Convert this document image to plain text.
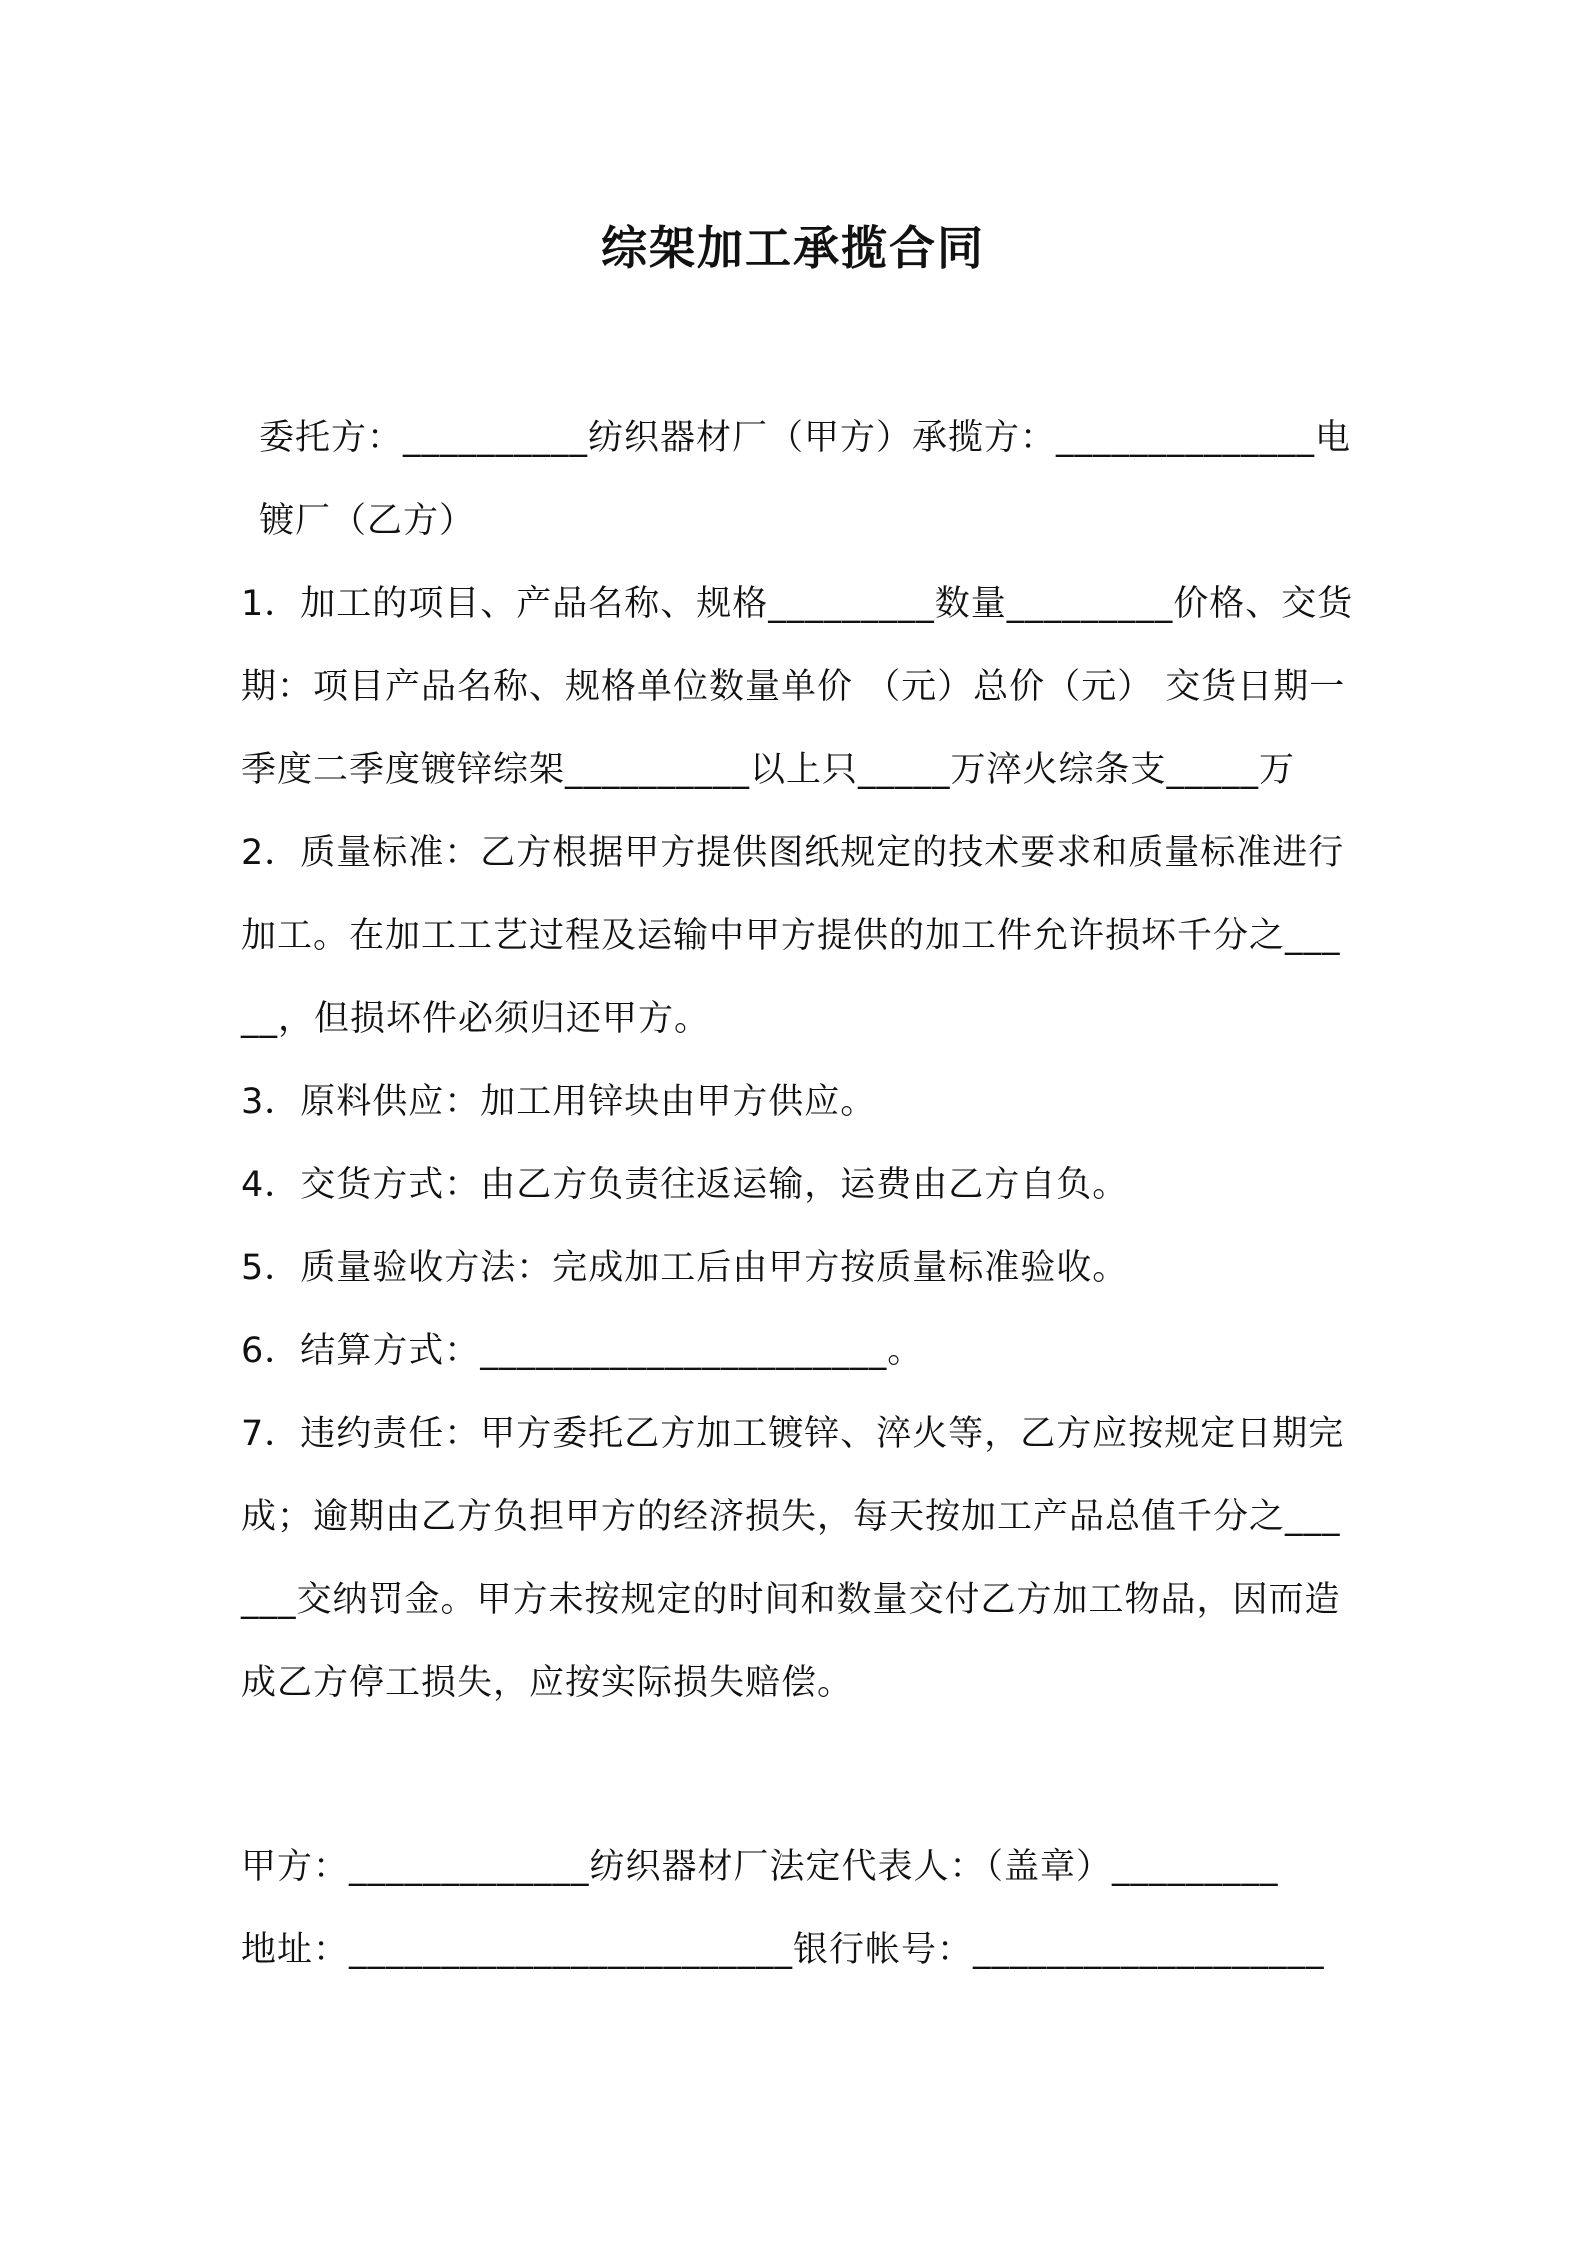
综架加工承揽合同

委托方：__________纺织器材厂（甲方）承揽方：______________电镀厂（乙方）

1．加工的项目、产品名称、规格_________数量_________价格、交货期：项目产品名称、规格单位数量单价 （元）总价（元） 交货日期一季度二季度镀锌综架__________以上只_____万淬火综条支_____万

2．质量标准：乙方根据甲方提供图纸规定的技术要求和质量标准进行加工。在加工工艺过程及运输中甲方提供的加工件允许损坏千分之_____，但损坏件必须归还甲方。

3．原料供应：加工用锌块由甲方供应。

4．交货方式：由乙方负责往返运输，运费由乙方自负。

5．质量验收方法：完成加工后由甲方按质量标准验收。

6．结算方式：______________________。

7．违约责任：甲方委托乙方加工镀锌、淬火等，乙方应按规定日期完成；逾期由乙方负担甲方的经济损失，每天按加工产品总值千分之______交纳罚金。甲方未按规定的时间和数量交付乙方加工物品，因而造成乙方停工损失，应按实际损失赔偿。

甲方：_____________纺织器材厂法定代表人：（盖章）_________

地址：________________________银行帐号：___________________
